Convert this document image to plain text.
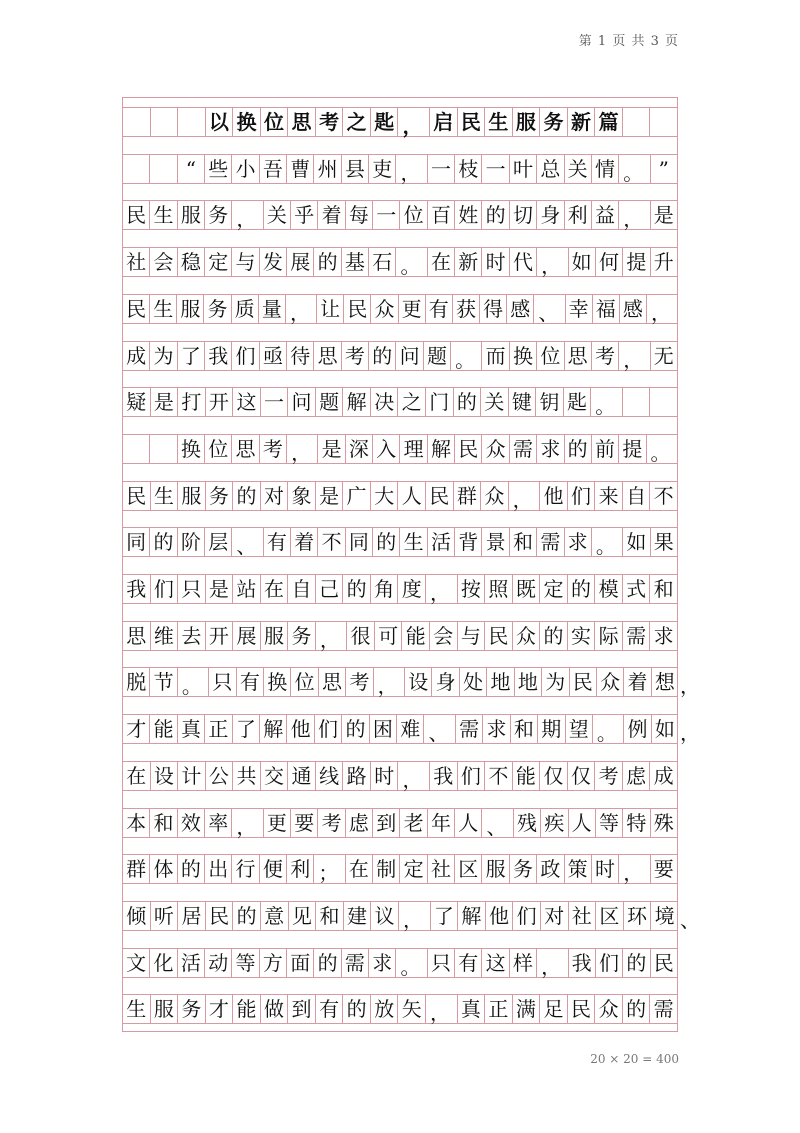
第 1 页 共 3 页
以 换 位 思 考 之 匙 ， 启 民 生 服 务 新 篇
“ 些 小 吾 曹 州 县 吏 ， 一 枝 一 叶 总 关 情 。 ”
民 生 服 务 ， 关 乎 着 每 一 位 百 姓 的 切 身 利 益 ， 是
社 会 稳 定 与 发 展 的 基 石 。 在 新 时 代 ， 如 何 提 升
民 生 服 务 质 量 ， 让 民 众 更 有 获 得 感 、 幸 福 感 ，
成 为 了 我 们 亟 待 思 考 的 问 题 。 而 换 位 思 考 ， 无
疑 是 打 开 这 一 问 题 解 决 之 门 的 关 键 钥 匙 。
换 位 思 考 ， 是 深 入 理 解 民 众 需 求 的 前 提 。
民 生 服 务 的 对 象 是 广 大 人 民 群 众 ， 他 们 来 自 不
同 的 阶 层 、 有 着 不 同 的 生 活 背 景 和 需 求 。 如 果
我 们 只 是 站 在 自 己 的 角 度 ， 按 照 既 定 的 模 式 和
思 维 去 开 展 服 务 ， 很 可 能 会 与 民 众 的 实 际 需 求
脱 节 。 只 有 换 位 思 考 ， 设 身 处 地 地 为 民 众 着 想 ，
才 能 真 正 了 解 他 们 的 困 难 、 需 求 和 期 望 。 例 如 ，
在 设 计 公 共 交 通 线 路 时 ， 我 们 不 能 仅 仅 考 虑 成
本 和 效 率 ， 更 要 考 虑 到 老 年 人 、 残 疾 人 等 特 殊
群 体 的 出 行 便 利 ； 在 制 定 社 区 服 务 政 策 时 ， 要
倾 听 居 民 的 意 见 和 建 议 ， 了 解 他 们 对 社 区 环 境 、
文 化 活 动 等 方 面 的 需 求 。 只 有 这 样 ， 我 们 的 民
生 服 务 才 能 做 到 有 的 放 矢 ， 真 正 满 足 民 众 的 需
20 × 20 = 400
